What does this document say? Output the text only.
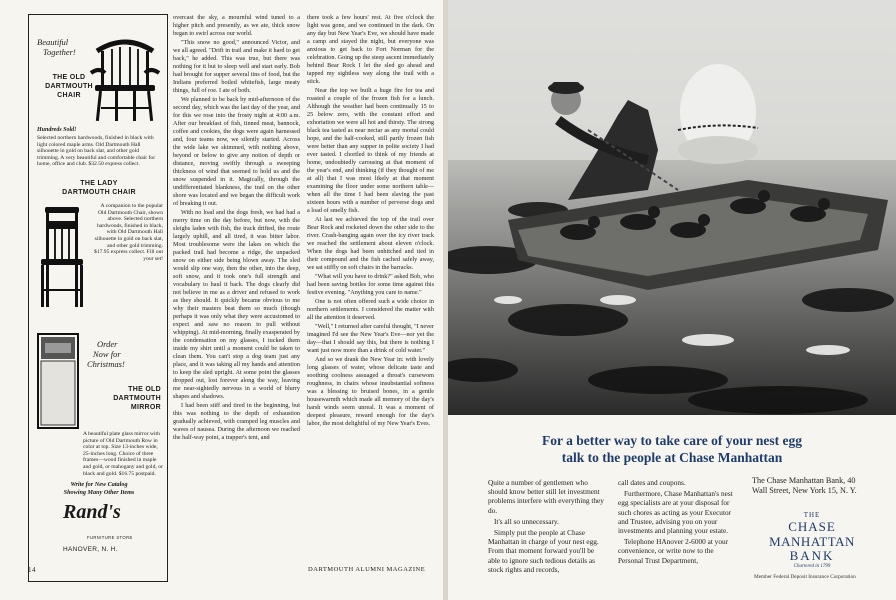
Beautiful
Together!
THE OLD
DARTMOUTH
CHAIR
Hundreds Sold!
Selected northern hardwoods, finished in black with light colored maple arms. Old Dartmouth Hall silhouette in gold on back slat, and other gold trimming. A very beautiful and comfortable chair for home, office and club. $32.50 express collect.
THE LADY
DARTMOUTH CHAIR
A companion to the popular Old Dartmouth Chair, shown above. Selected northern hardwoods, finished in black, with Old Dartmouth Hall silhouette in gold on back slat, and other gold trimming. $17.95 express collect. Fill out your set!
Order
Now for
Christmas!
THE OLD
DARTMOUTH
MIRROR
A beautiful plate glass mirror with picture of Old Dartmouth Row in color at top. Size 13-inches wide, 25-inches long. Choice of three frames—wood finished in maple and gold, or mahogany and gold, or black and gold. $16.75 postpaid.
Write for New Catalog
Showing Many Other Items
Rand's
FURNITURE STORE
HANOVER, N. H.

overcast the sky, a mournful wind tuned to a higher pitch and presently, as we ate, thick snow began to swirl across our world.

"This snow no good," announced Victor, and we all agreed. "Drift in trail and make it hard to get back," he added. This was true, but there was nothing for it but to sleep well and start early. Bob had brought for supper several tins of food, but the Indians preferred boiled whitefish, large meaty things, full of roe. I ate of both.

We planned to be back by mid-afternoon of the second day, which was the last day of the year, and for this we rose into the frosty night at 4:00 a.m. After our breakfast of fish, tinned meat, bannock, coffee and cookies, the dogs were again harnessed and, four teams now, we silently started. Across the wide lake we skimmed, with nothing above, beyond or below to give any notion of depth or distance, moving swiftly through a sweeping thickness of wind that seemed to hold us and the snow suspended in it. Magically, through the undifferentiated blankness, the trail on the other shore was located and we began the difficult work of breaking it out.

With no load and the dogs fresh, we had had a merry time on the day before, but now, with the sleighs laden with fish, the track drifted, the route largely uphill, and all tired, it was bitter labor. Most troublesome were the lakes on which the packed trail had become a ridge, the unpacked snow on either side being blown away. The sled would slip one way, then the other, into the deep, soft snow, and it took one's full strength and vocabulary to haul it back. The dogs clearly did not believe in me as a driver and refused to work as they should. It quickly became obvious to me why their masters beat them so much (though perhaps it was only what they were accustomed to expect and saw no reason to pull without whipping). At mid-morning, finally exasperated by the condensation on my glasses, I tucked them inside my shirt until a moment could be taken to clean them. You can't stop a dog team just any place, and it was taking all my hands and attention to keep the sled upright. At some point the glasses dropped out, lost forever along the way, leaving me near-sightedly nervous in a world of blurry shapes and shadows.

I had been stiff and tired in the beginning, but this was nothing to the depth of exhaustion gradually achieved, with cramped leg muscles and waves of nausea. During the afternoon we reached the half-way point, a trapper's tent, and

there took a few hours' rest. At five o'clock the light was gone, and we continued in the dark. On any day but New Year's Eve, we should have made a camp and stayed the night, but everyone was anxious to get back to Fort Norman for the celebration. Going up the steep ascent immediately behind Bear Rock I let the sled go ahead and tapped my sightless way along the trail with a stick.

Near the top we built a huge fire for tea and roasted a couple of the frozen fish for a lunch. Although the weather had been continually 15 to 25 below zero, with the constant effort and exhortation we were all hot and thirsty. The strong black tea tasted as near nectar as any mortal could hope, and the half-cooked, still partly frozen fish were better than any supper in polite society I had ever tasted. I chortled to think of my friends at home, undoubtedly carousing at that moment of the year's end, and thinking (if they thought of me at all) that I was most likely at that moment examining the floor under some northern table—when all the time I had been slaving the past sixteen hours with a number of perverse dogs and a load of smelly fish.

At last we achieved the top of the trail over Bear Rock and rocketed down the other side to the river. Crash-banging again over the icy river track we reached the settlement about eleven o'clock. When the dogs had been unhitched and tied in their compound and the fish cached safely away, we sat stiffly on soft chairs in the barracks.

"What will you have to drink?" asked Bob, who had been saving bottles for some time against this festive evening. "Anything you care to name."

One is not often offered such a wide choice in northern settlements. I considered the matter with all the attention it deserved.

"Well," I returned after careful thought, "I never imagined I'd see the New Year's Eve—nor yet the day—that I should say this, but there is nothing I want just now more than a drink of cold water."

And so we drank the New Year in: with lovely long glasses of water, whose delicate taste and soothing coolness assuaged a throat's cursewom roughness, in chairs whose insubstantial softness was a blessing to bruised bones, in a gentle housewarmth which made all memory of the day's harsh winds seem unreal. It was a moment of deepest pleasure, reward enough for the day's labor, the most delightful of my New Year's Eves.

14	DARTMOUTH ALUMNI MAGAZINE
For a better way to take care of your nest egg
talk to the people at Chase Manhattan

Quite a number of gentlemen who should know better still let investment problems interfere with everything they do.

It's all so unnecessary.

Simply put the people at Chase Manhattan in charge of your nest egg. From that moment forward you'll be able to ignore such tedious details as stock rights and records,

call dates and coupons.

Furthermore, Chase Manhattan's nest egg specialists are at your disposal for such chores as acting as your Executor and Trustee, advising you on your investments and planning your estate.

Telephone HAnover 2-6000 at your convenience, or write now to the Personal Trust Department,

The Chase Manhattan Bank, 40
Wall Street, New York 15, N. Y.
THE
CHASE
MANHATTAN
BANK
Chartered in 1799
Member Federal Deposit Insurance Corporation
